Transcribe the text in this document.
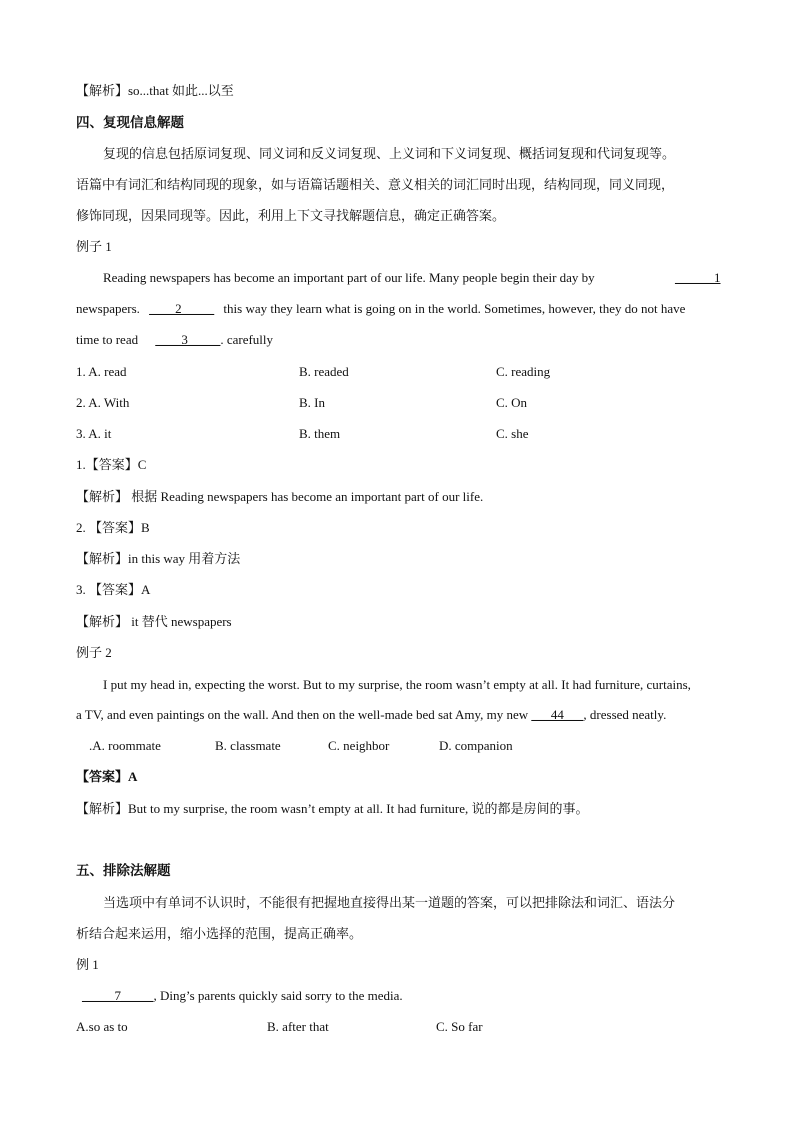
【解析】so...that 如此...以至
四、复现信息解题
复现的信息包括原词复现、同义词和反义词复现、上义词和下义词复现、概括词复现和代词复现等。
语篇中有词汇和结构同现的现象，如与语篇话题相关、意义相关的词汇同时出现，结构同现，同义同现，
修饰同现，因果同现等。因此，利用上下文寻找解题信息，确定正确答案。
例子 1
Reading newspapers has become an important part of our life. Many people begin their day by	______1
newspapers. ____2_____ this way they learn what is going on in the world. Sometimes, however, they do not have
time to read ____3_____. carefully
1. A. read	B. readed	C. reading
2. A. With	B. In	C. On
3. A. it	B. them	C. she
1.【答案】C
【解析】 根据 Reading newspapers has become an important part of our life.
2. 【答案】B
【解析】in this way 用着方法
3. 【答案】A
【解析】 it 替代 newspapers
例子 2
I put my head in, expecting the worst. But to my surprise, the room wasn’t empty at all. It had furniture, curtains,
a TV, and even paintings on the wall. And then on the well-made bed sat Amy, my new ___44___, dressed neatly.
.A. roommate	B. classmate	C. neighbor	D. companion
【答案】A
【解析】But to my surprise, the room wasn’t empty at all. It had furniture, 说的都是房间的事。
五、排除法解题
当选项中有单词不认识时，不能很有把握地直接得出某一道题的答案，可以把排除法和词汇、语法分
析结合起来运用，缩小选择的范围，提高正确率。
例 1
_____7_____, Ding’s parents quickly said sorry to the media.
A.so as to	B. after that	C. So far
